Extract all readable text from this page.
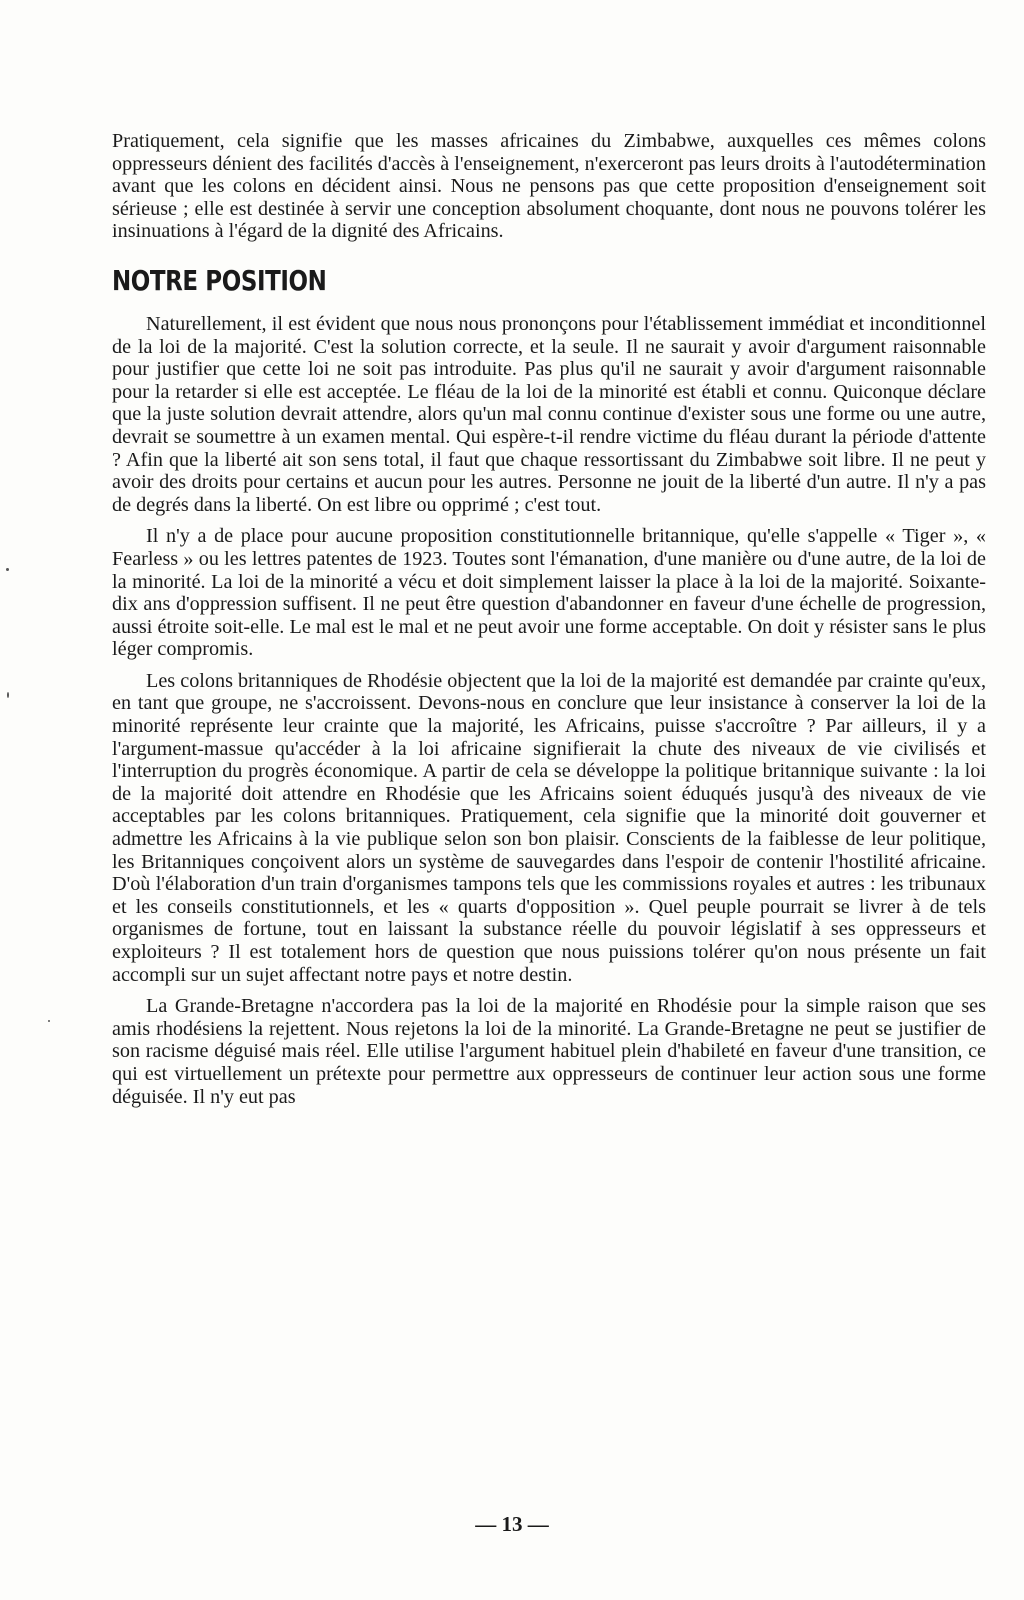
Pratiquement, cela signifie que les masses africaines du Zimbabwe, auxquelles ces mêmes colons oppresseurs dénient des facilités d'accès à l'enseignement, n'exerceront pas leurs droits à l'autodétermination avant que les colons en décident ainsi. Nous ne pensons pas que cette proposition d'enseignement soit sérieuse ; elle est destinée à servir une conception absolument choquante, dont nous ne pouvons tolérer les insinuations à l'égard de la dignité des Africains.

NOTRE POSITION

Naturellement, il est évident que nous nous prononçons pour l'établissement immédiat et inconditionnel de la loi de la majorité. C'est la solution correcte, et la seule. Il ne saurait y avoir d'argument raisonnable pour justifier que cette loi ne soit pas introduite. Pas plus qu'il ne saurait y avoir d'argument raisonnable pour la retarder si elle est acceptée. Le fléau de la loi de la minorité est établi et connu. Quiconque déclare que la juste solution devrait attendre, alors qu'un mal connu continue d'exister sous une forme ou une autre, devrait se soumettre à un examen mental. Qui espère-t-il rendre victime du fléau durant la période d'attente ? Afin que la liberté ait son sens total, il faut que chaque ressortissant du Zimbabwe soit libre. Il ne peut y avoir des droits pour certains et aucun pour les autres. Personne ne jouit de la liberté d'un autre. Il n'y a pas de degrés dans la liberté. On est libre ou opprimé ; c'est tout.

Il n'y a de place pour aucune proposition constitutionnelle britannique, qu'elle s'appelle « Tiger », « Fearless » ou les lettres patentes de 1923. Toutes sont l'émanation, d'une manière ou d'une autre, de la loi de la minorité. La loi de la minorité a vécu et doit simplement laisser la place à la loi de la majorité. Soixante-dix ans d'oppression suffisent. Il ne peut être question d'abandonner en faveur d'une échelle de progression, aussi étroite soit-elle. Le mal est le mal et ne peut avoir une forme acceptable. On doit y résister sans le plus léger compromis.

Les colons britanniques de Rhodésie objectent que la loi de la majorité est demandée par crainte qu'eux, en tant que groupe, ne s'accroissent. Devons-nous en conclure que leur insistance à conserver la loi de la minorité représente leur crainte que la majorité, les Africains, puisse s'accroître ? Par ailleurs, il y a l'argument-massue qu'accéder à la loi africaine signifierait la chute des niveaux de vie civilisés et l'interruption du progrès économique. A partir de cela se développe la politique britannique suivante : la loi de la majorité doit attendre en Rhodésie que les Africains soient éduqués jusqu'à des niveaux de vie acceptables par les colons britanniques. Pratiquement, cela signifie que la minorité doit gouverner et admettre les Africains à la vie publique selon son bon plaisir. Conscients de la faiblesse de leur politique, les Britanniques conçoivent alors un système de sauvegardes dans l'espoir de contenir l'hostilité africaine. D'où l'élaboration d'un train d'organismes tampons tels que les commissions royales et autres : les tribunaux et les conseils constitutionnels, et les « quarts d'opposition ». Quel peuple pourrait se livrer à de tels organismes de fortune, tout en laissant la substance réelle du pouvoir législatif à ses oppresseurs et exploiteurs ? Il est totalement hors de question que nous puissions tolérer qu'on nous présente un fait accompli sur un sujet affectant notre pays et notre destin.

La Grande-Bretagne n'accordera pas la loi de la majorité en Rhodésie pour la simple raison que ses amis rhodésiens la rejettent. Nous rejetons la loi de la minorité. La Grande-Bretagne ne peut se justifier de son racisme déguisé mais réel. Elle utilise l'argument habituel plein d'habileté en faveur d'une transition, ce qui est virtuellement un prétexte pour permettre aux oppresseurs de continuer leur action sous une forme déguisée. Il n'y eut pas

— 13 —
